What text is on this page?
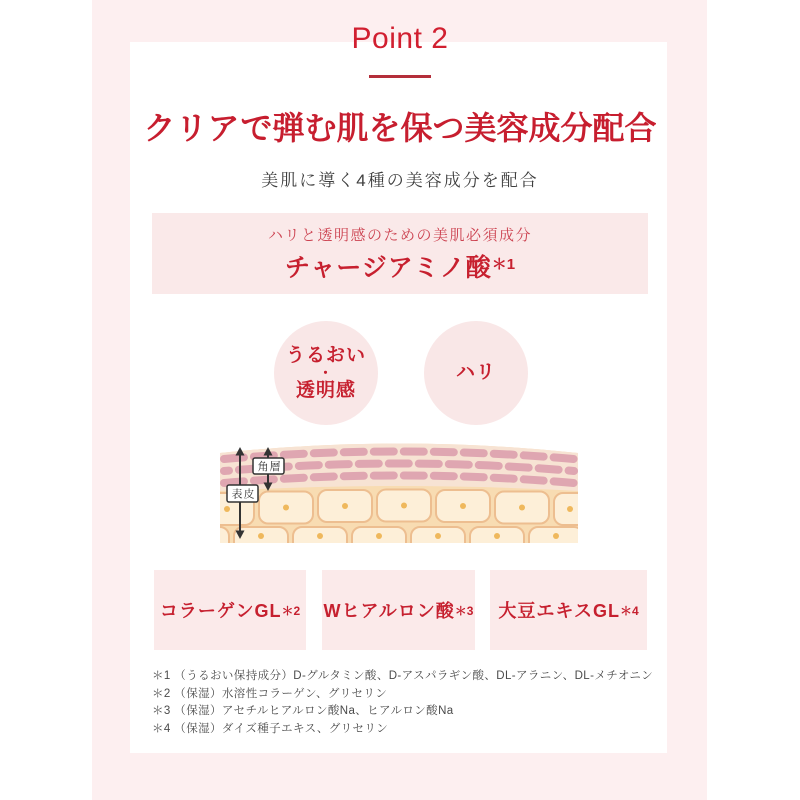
Point 2
クリアで弾む肌を保つ美容成分配合
美肌に導く4種の美容成分を配合
ハリと透明感のための美肌必須成分
チャージアミノ酸$^{*1}$
うるおい
・
透明感
ハリ
角層
表皮
コラーゲンGL ＊2 Wヒアルロン酸 ＊3 大豆エキスGL ＊4
＊1 （うるおい保持成分）D-グルタミン酸、D-アスパラギン酸、DL-アラニン、DL-メチオニン
＊2 （保湿）水溶性コラーゲン、グリセリン
＊3 （保湿）アセチルヒアルロン酸Na、ヒアルロン酸Na
＊4 （保湿）ダイズ種子エキス、グリセリン
